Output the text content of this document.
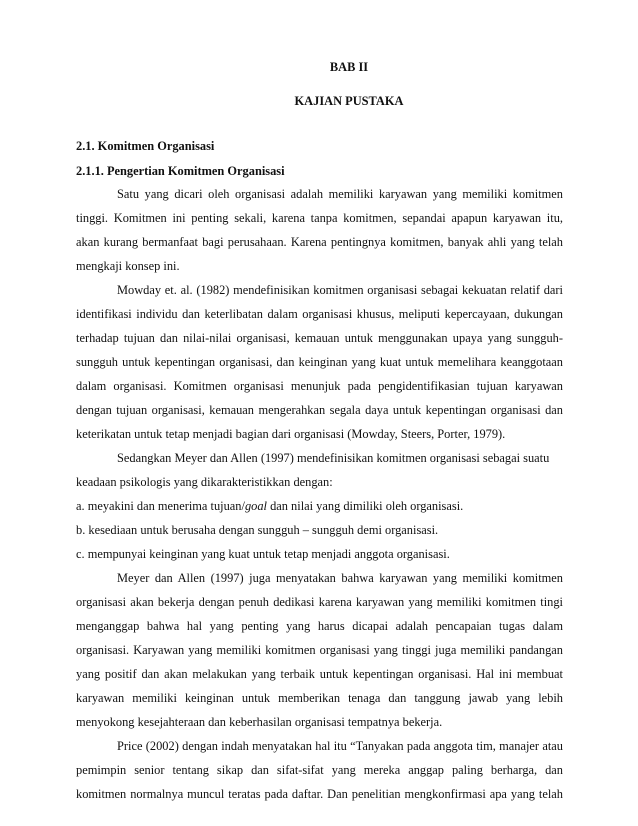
BAB II
KAJIAN PUSTAKA
2.1. Komitmen Organisasi
2.1.1. Pengertian Komitmen Organisasi
Satu yang dicari oleh organisasi adalah memiliki karyawan yang memiliki komitmen
tinggi. Komitmen ini penting sekali, karena tanpa komitmen, sepandai apapun karyawan itu,
akan kurang bermanfaat bagi perusahaan. Karena pentingnya komitmen, banyak ahli yang telah
mengkaji konsep ini.
Mowday et. al. (1982) mendefinisikan komitmen organisasi sebagai kekuatan relatif dari
identifikasi individu dan keterlibatan dalam organisasi khusus, meliputi kepercayaan, dukungan
terhadap tujuan dan nilai-nilai organisasi, kemauan untuk menggunakan upaya yang sungguh-
sungguh untuk kepentingan organisasi, dan keinginan yang kuat untuk memelihara keanggotaan
dalam organisasi. Komitmen organisasi menunjuk pada pengidentifikasian tujuan karyawan
dengan tujuan organisasi, kemauan mengerahkan segala daya untuk kepentingan organisasi dan
keterikatan untuk tetap menjadi bagian dari organisasi (Mowday, Steers, Porter, 1979).
Sedangkan Meyer dan Allen (1997) mendefinisikan komitmen organisasi sebagai suatu
keadaan psikologis yang dikarakteristikkan dengan:
a. meyakini dan menerima tujuan/goal dan nilai yang dimiliki oleh organisasi.
b. kesediaan untuk berusaha dengan sungguh – sungguh demi organisasi.
c. mempunyai keinginan yang kuat untuk tetap menjadi anggota organisasi.
Meyer dan Allen (1997) juga menyatakan bahwa karyawan yang memiliki komitmen
organisasi akan bekerja dengan penuh dedikasi karena karyawan yang memiliki komitmen tingi
menganggap bahwa hal yang penting yang harus dicapai adalah pencapaian tugas dalam
organisasi. Karyawan yang memiliki komitmen organisasi yang tinggi juga memiliki pandangan
yang positif dan akan melakukan yang terbaik untuk kepentingan organisasi. Hal ini membuat
karyawan memiliki keinginan untuk memberikan tenaga dan tanggung jawab yang lebih
menyokong kesejahteraan dan keberhasilan organisasi tempatnya bekerja.
Price (2002) dengan indah menyatakan hal itu “Tanyakan pada anggota tim, manajer atau
pemimpin senior tentang sikap dan sifat-sifat yang mereka anggap paling berharga, dan
komitmen normalnya muncul teratas pada daftar. Dan penelitian mengkonfirmasi apa yang telah
